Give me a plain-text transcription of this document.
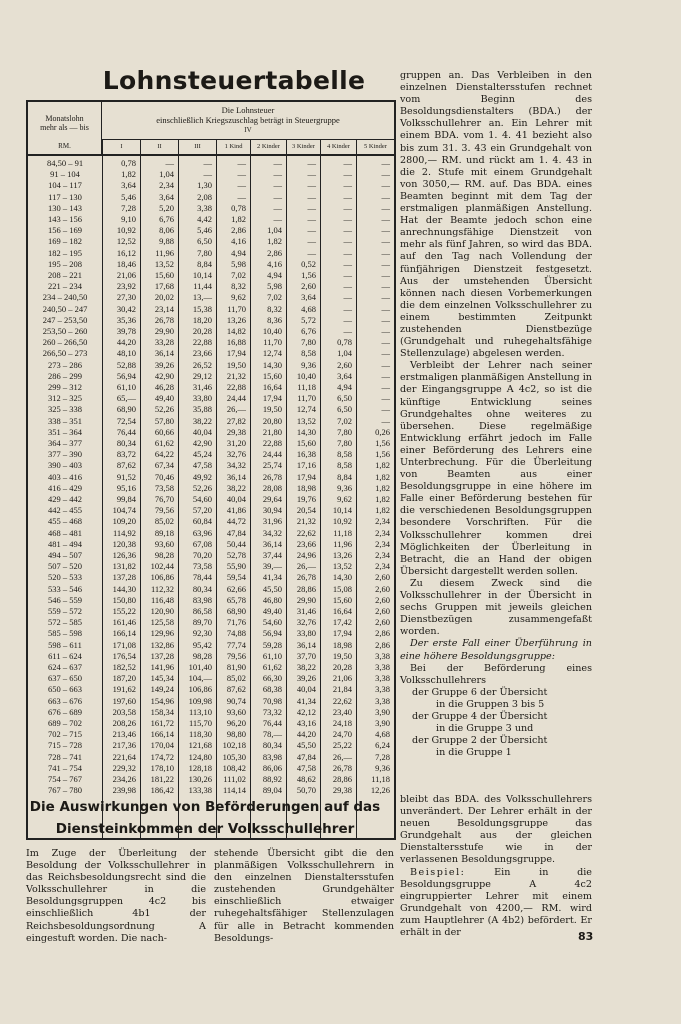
Lohnsteuertabelle
Monatslohn
mehr als — bis
RM.
Die Lohnsteuer
einschließlich Kriegszuschlag beträgt in Steuergruppe
IV
I	II	III	1 Kind	2 Kinder	3 Kinder	4 Kinder	5 Kinder
84,50 – 91	0,78	—	—	—	—	—	—	—
91 – 104	1,82	1,04	—	—	—	—	—	—
104 – 117	3,64	2,34	1,30	—	—	—	—	—
117 – 130	5,46	3,64	2,08	—	—	—	—	—
130 – 143	7,28	5,20	3,38	0,78	—	—	—	—
143 – 156	9,10	6,76	4,42	1,82	—	—	—	—
156 – 169	10,92	8,06	5,46	2,86	1,04	—	—	—
169 – 182	12,52	9,88	6,50	4,16	1,82	—	—	—
182 – 195	16,12	11,96	7,80	4,94	2,86	—	—	—
195 – 208	18,46	13,52	8,84	5,98	4,16	0,52	—	—
208 – 221	21,06	15,60	10,14	7,02	4,94	1,56	—	—
221 – 234	23,92	17,68	11,44	8,32	5,98	2,60	—	—
234 – 240,50	27,30	20,02	13,—	9,62	7,02	3,64	—	—
240,50 – 247	30,42	23,14	15,38	11,70	8,32	4,68	—	—
247 – 253,50	35,36	26,78	18,20	13,26	8,36	5,72	—	—
253,50 – 260	39,78	29,90	20,28	14,82	10,40	6,76	—	—
260 – 266,50	44,20	33,28	22,88	16,88	11,70	7,80	0,78	—
266,50 – 273	48,10	36,14	23,66	17,94	12,74	8,58	1,04	—
273 – 286	52,88	39,26	26,52	19,50	14,30	9,36	2,60	—
286 – 299	56,94	42,90	29,12	21,32	15,60	10,40	3,64	—
299 – 312	61,10	46,28	31,46	22,88	16,64	11,18	4,94	—
312 – 325	65,—	49,40	33,80	24,44	17,94	11,70	6,50	—
325 – 338	68,90	52,26	35,88	26,—	19,50	12,74	6,50	—
338 – 351	72,54	57,80	38,22	27,82	20,80	13,52	7,02	—
351 – 364	76,44	60,66	40,04	29,38	21,80	14,30	7,80	0,26
364 – 377	80,34	61,62	42,90	31,20	22,88	15,60	7,80	1,56
377 – 390	83,72	64,22	45,24	32,76	24,44	16,38	8,58	1,56
390 – 403	87,62	67,34	47,58	34,32	25,74	17,16	8,58	1,82
403 – 416	91,52	70,46	49,92	36,14	26,78	17,94	8,84	1,82
416 – 429	95,16	73,58	52,26	38,22	28,08	18,98	9,36	1,82
429 – 442	99,84	76,70	54,60	40,04	29,64	19,76	9,62	1,82
442 – 455	104,74	79,56	57,20	41,86	30,94	20,54	10,14	1,82
455 – 468	109,20	85,02	60,84	44,72	31,96	21,32	10,92	2,34
468 – 481	114,92	89,18	63,96	47,84	34,32	22,62	11,18	2,34
481 – 494	120,38	93,60	67,08	50,44	36,14	23,66	11,96	2,34
494 – 507	126,36	98,28	70,20	52,78	37,44	24,96	13,26	2,34
507 – 520	131,82	102,44	73,58	55,90	39,—	26,—	13,52	2,34
520 – 533	137,28	106,86	78,44	59,54	41,34	26,78	14,30	2,60
533 – 546	144,30	112,32	80,34	62,66	45,50	28,86	15,08	2,60
546 – 559	150,80	116,48	83,98	65,78	46,80	29,90	15,60	2,60
559 – 572	155,22	120,90	86,58	68,90	49,40	31,46	16,64	2,60
572 – 585	161,46	125,58	89,70	71,76	54,60	32,76	17,42	2,60
585 – 598	166,14	129,96	92,30	74,88	56,94	33,80	17,94	2,86
598 – 611	171,08	132,86	95,42	77,74	59,28	36,14	18,98	2,86
611 – 624	176,54	137,28	98,28	79,56	61,10	37,70	19,50	3,38
624 – 637	182,52	141,96	101,40	81,90	61,62	38,22	20,28	3,38
637 – 650	187,20	145,34	104,—	85,02	66,30	39,26	21,06	3,38
650 – 663	191,62	149,24	106,86	87,62	68,38	40,04	21,84	3,38
663 – 676	197,60	154,96	109,98	90,74	70,98	41,34	22,62	3,38
676 – 689	203,58	158,34	113,10	93,60	73,32	42,12	23,40	3,90
689 – 702	208,26	161,72	115,70	96,20	76,44	43,16	24,18	3,90
702 – 715	213,46	166,14	118,30	98,80	78,—	44,20	24,70	4,68
715 – 728	217,36	170,04	121,68	102,18	80,34	45,50	25,22	6,24
728 – 741	221,64	174,72	124,80	105,30	83,98	47,84	26,—	7,28
741 – 754	229,32	178,10	128,18	108,42	86,06	47,58	26,78	9,36
754 – 767	234,26	181,22	130,26	111,02	88,92	48,62	28,86	11,18
767 – 780	239,98	186,42	133,38	114,14	89,04	50,70	29,38	12,26

gruppen an. Das Verbleiben in den einzelnen Dienstaltersstufen rechnet vom Beginn des Besoldungsdienstalters (BDA.) der Volksschullehrer an. Ein Lehrer mit einem BDA. vom 1. 4. 41 bezieht also bis zum 31. 3. 43 ein Grundgehalt von 2800,— RM. und rückt am 1. 4. 43 in die 2. Stufe mit einem Grundgehalt von 3050,— RM. auf. Das BDA. eines Beamten beginnt mit dem Tag der erstmaligen planmäßigen Anstellung. Hat der Beamte jedoch schon eine anrechnungsfähige Dienstzeit von mehr als fünf Jahren, so wird das BDA. auf den Tag nach Vollendung der fünfjährigen Dienstzeit festgesetzt. Aus der umstehenden Übersicht können nach diesen Vorbemerkungen die dem einzelnen Volksschullehrer zu einem bestimmten Zeitpunkt zustehenden Dienstbezüge (Grundgehalt und ruhegehaltsfähige Stellenzulage) abgelesen werden.

Verbleibt der Lehrer nach seiner erstmaligen planmäßigen Anstellung in der Eingangsgruppe A 4c2, so ist die künftige Entwicklung seines Grundgehaltes ohne weiteres zu übersehen. Diese regelmäßige Entwicklung erfährt jedoch im Falle einer Beförderung des Lehrers eine Unterbrechung. Für die Überleitung von Beamten aus einer Besoldungsgruppe in eine höhere im Falle einer Beförderung bestehen für die verschiedenen Besoldungsgruppen besondere Vorschriften. Für die Volksschullehrer kommen drei Möglichkeiten der Überleitung in Betracht, die an Hand der obigen Übersicht dargestellt werden sollen.

Zu diesem Zweck sind die Volksschullehrer in der Übersicht in sechs Gruppen mit jeweils gleichen Dienstbezügen zusammengefaßt worden.

Der erste Fall einer Überführung in eine höhere Besoldungsgruppe:

Bei der Beförderung eines Volksschullehrers

der Gruppe 6 der Übersicht

in die Gruppen 3 bis 5

der Gruppe 4 der Übersicht

in die Gruppe 3 und

der Gruppe 2 der Übersicht

in die Gruppe 1

Die Auswirkungen von Beförderungen auf das
Diensteinkommen der Volksschullehrer

Im Zuge der Überleitung der Besoldung der Volksschullehrer in das Reichsbesoldungsrecht sind die Volksschullehrer in die Besoldungsgruppen 4c2 bis einschließlich 4b1 der Reichsbesoldungsordnung A eingestuft worden. Die nach-

stehende Übersicht gibt die den planmäßigen Volksschullehrern in den einzelnen Dienstaltersstufen zustehenden Grundgehälter einschließlich etwaiger ruhegehaltsfähiger Stellenzulagen für alle in Betracht kommenden Besoldungs-

bleibt das BDA. des Volksschullehrers unverändert. Der Lehrer erhält in der neuen Besoldungsgruppe das Grundgehalt aus der gleichen Dienstaltersstufe wie in der verlassenen Besoldungsgruppe.

Beispiel: Ein in die Besoldungsgruppe A 4c2 eingruppierter Lehrer mit einem Grundgehalt von 4200,— RM. wird zum Hauptlehrer (A 4b2) befördert. Er erhält in der	83
